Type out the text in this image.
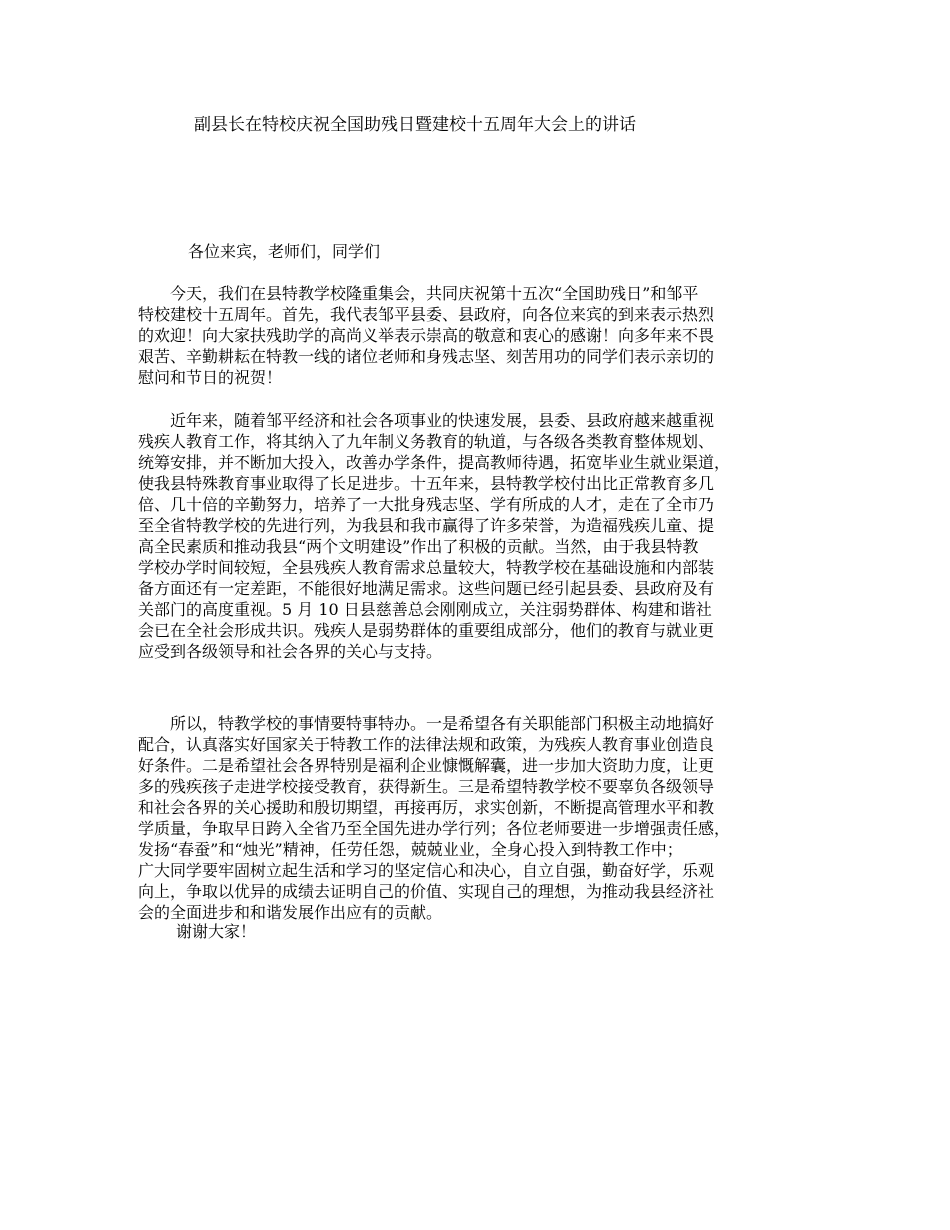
副县长在特校庆祝全国助残日暨建校十五周年大会上的讲话
各位来宾，老师们，同学们
　　今天，我们在县特教学校隆重集会，共同庆祝第十五次“全国助残日”和邹平
特校建校十五周年。首先，我代表邹平县委、县政府，向各位来宾的到来表示热烈
的欢迎！向大家扶残助学的高尚义举表示崇高的敬意和衷心的感谢！向多年来不畏
艰苦、辛勤耕耘在特教一线的诸位老师和身残志坚、刻苦用功的同学们表示亲切的
慰问和节日的祝贺！
　　近年来，随着邹平经济和社会各项事业的快速发展，县委、县政府越来越重视
残疾人教育工作，将其纳入了九年制义务教育的轨道，与各级各类教育整体规划、
统筹安排，并不断加大投入，改善办学条件，提高教师待遇，拓宽毕业生就业渠道，
使我县特殊教育事业取得了长足进步。十五年来，县特教学校付出比正常教育多几
倍、几十倍的辛勤努力，培养了一大批身残志坚、学有所成的人才，走在了全市乃
至全省特教学校的先进行列，为我县和我市赢得了许多荣誉，为造福残疾儿童、提
高全民素质和推动我县“两个文明建设”作出了积极的贡献。当然，由于我县特教
学校办学时间较短，全县残疾人教育需求总量较大，特教学校在基础设施和内部装
备方面还有一定差距，不能很好地满足需求。这些问题已经引起县委、县政府及有
关部门的高度重视。5 月 10 日县慈善总会刚刚成立，关注弱势群体、构建和谐社
会已在全社会形成共识。残疾人是弱势群体的重要组成部分，他们的教育与就业更
应受到各级领导和社会各界的关心与支持。
　　所以，特教学校的事情要特事特办。一是希望各有关职能部门积极主动地搞好
配合，认真落实好国家关于特教工作的法律法规和政策，为残疾人教育事业创造良
好条件。二是希望社会各界特别是福利企业慷慨解囊，进一步加大资助力度，让更
多的残疾孩子走进学校接受教育，获得新生。三是希望特教学校不要辜负各级领导
和社会各界的关心援助和殷切期望，再接再厉，求实创新，不断提高管理水平和教
学质量，争取早日跨入全省乃至全国先进办学行列；各位老师要进一步增强责任感，
发扬“春蚕”和“烛光”精神，任劳任怨，兢兢业业，全身心投入到特教工作中；
广大同学要牢固树立起生活和学习的坚定信心和决心，自立自强，勤奋好学，乐观
向上，争取以优异的成绩去证明自己的价值、实现自己的理想，为推动我县经济社
会的全面进步和和谐发展作出应有的贡献。
谢谢大家！
